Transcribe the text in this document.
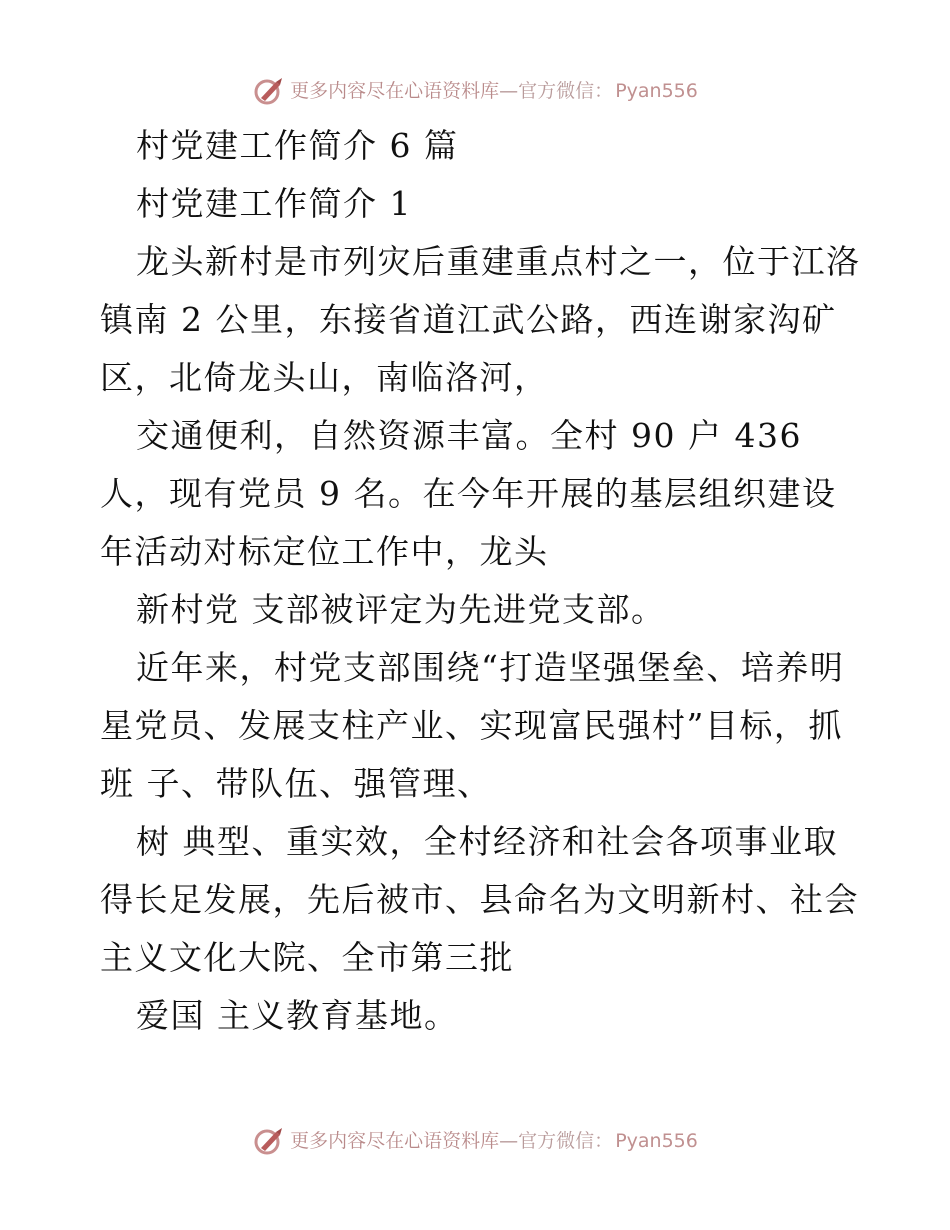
更多内容尽在心语资料库 —官方微信： Pyan556
村党建工作简介 6 篇
村党建工作简介 1
龙头新村是市列灾后重建重点村之一，位于江洛
镇南 2 公里，东接省道江武公路，西连谢家沟矿
区，北倚龙头山，南临洛河，
交通便利，自然资源丰富。全村 90 户 436
人，现有党员 9 名。在今年开展的基层组织建设
年活动对标定位工作中，龙头
新村党 支部被评定为先进党支部。
近年来，村党支部围绕“打造坚强堡垒、培养明
星党员、发展支柱产业、实现富民强村”目标，抓
班 子、带队伍、强管理、
树 典型、重实效，全村经济和社会各项事业取
得长足发展，先后被市、县命名为文明新村、社会
主义文化大院、全市第三批
爱国 主义教育基地。
更多内容尽在心语资料库 —官方微信： Pyan556
